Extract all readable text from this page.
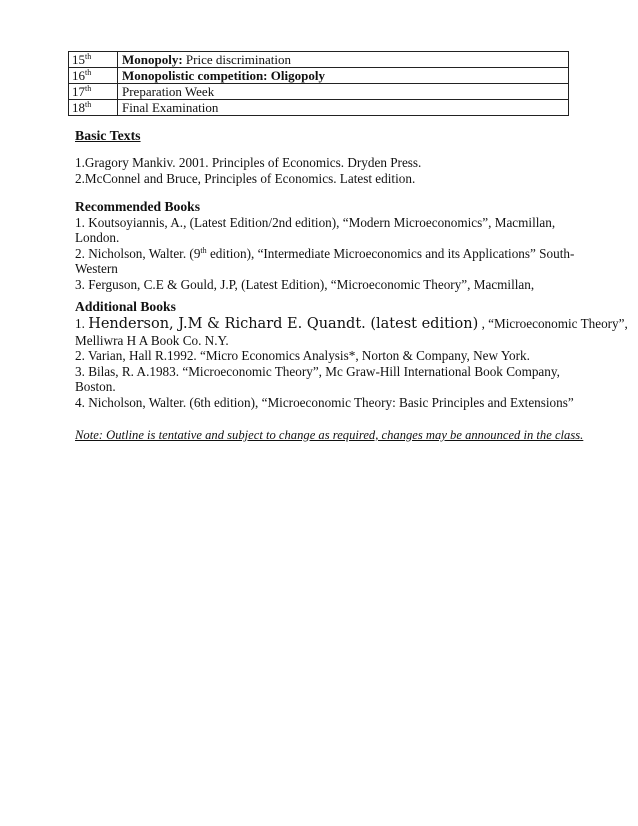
15th	Monopoly: Price discrimination
16th	Monopolistic competition: Oligopoly
17th	Preparation Week
18th	Final Examination
Basic Texts
1.Gragory Mankiv. 2001. Principles of Economics. Dryden Press.
2.McConnel and Bruce, Principles of Economics. Latest edition.
Recommended Books
1. Koutsoyiannis, A., (Latest Edition/2nd edition), “Modern Microeconomics”, Macmillan,
London.
2. Nicholson, Walter. (9th edition), “Intermediate Microeconomics and its Applications” South-
Western
3. Ferguson, C.E & Gould, J.P, (Latest Edition), “Microeconomic Theory”, Macmillan,
Additional Books
1. Henderson, J.M & Richard E. Quandt. (latest edition) , “Microeconomic Theory”,
Melliwra H A Book Co. N.Y.
2. Varian, Hall R.1992. “Micro Economics Analysis*, Norton & Company, New York.
3. Bilas, R. A.1983. “Microeconomic Theory”, Mc Graw-Hill International Book Company,
Boston.
4. Nicholson, Walter. (6th edition), “Microeconomic Theory: Basic Principles and Extensions”
Note: Outline is tentative and subject to change as required, changes may be announced in the class.
